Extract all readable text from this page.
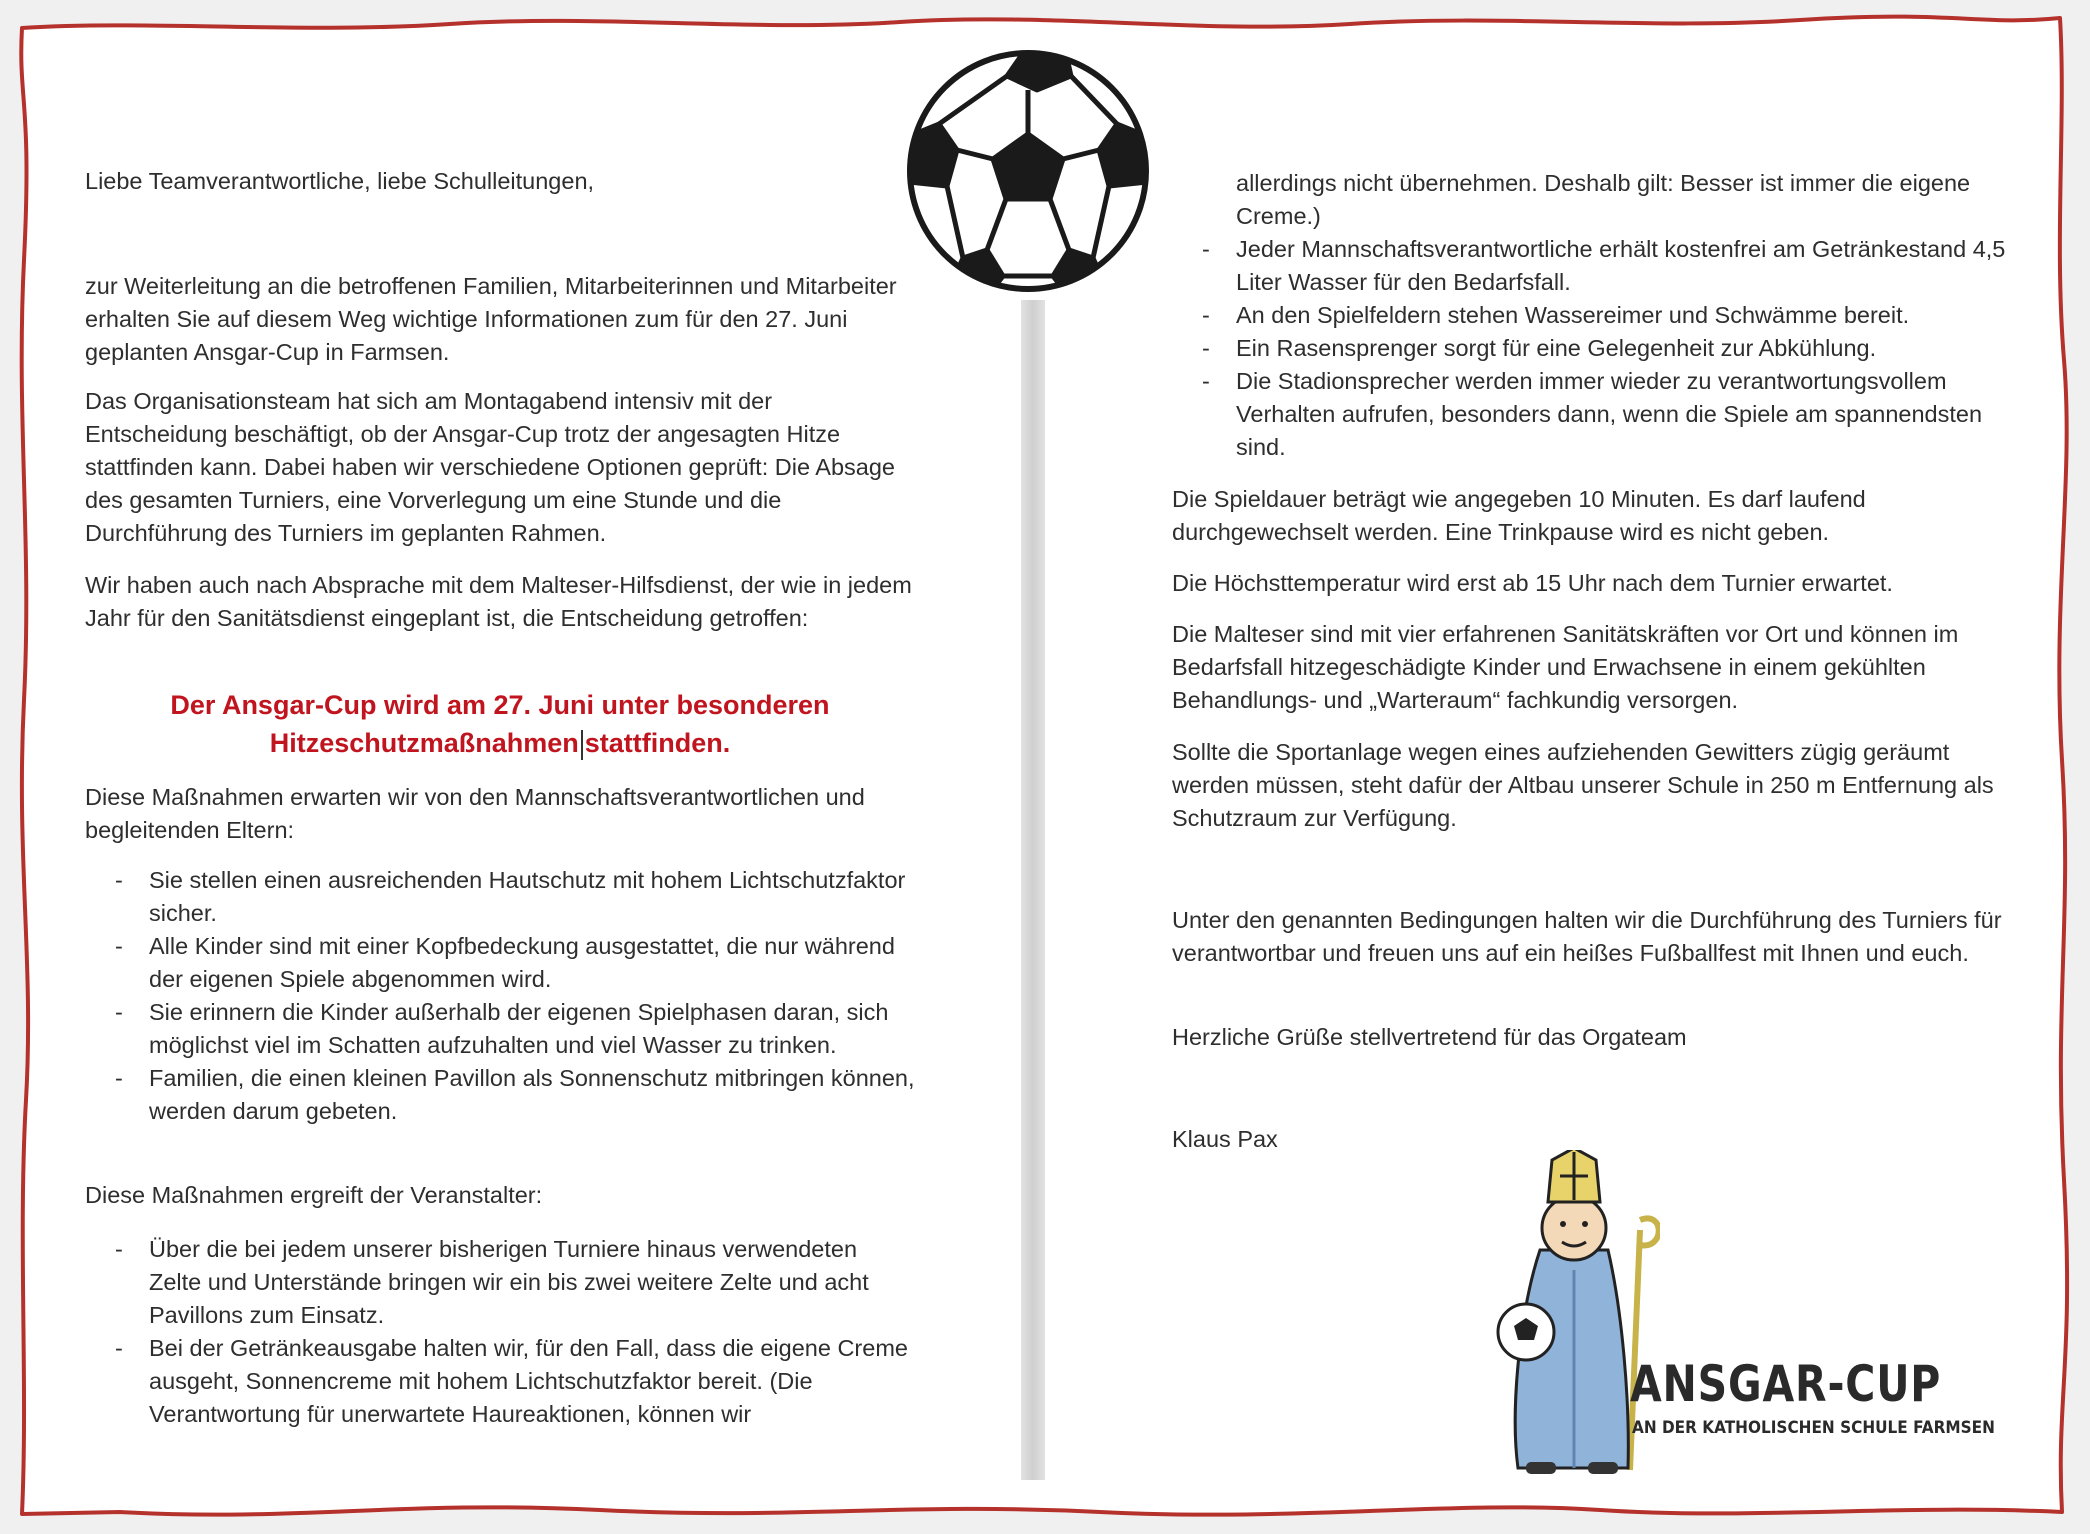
Liebe Teamverantwortliche, liebe Schulleitungen,

zur Weiterleitung an die betroffenen Familien, Mitarbeiterinnen und Mitarbeiter erhalten Sie auf diesem Weg wichtige Informationen zum für den 27. Juni geplanten Ansgar-Cup in Farmsen.

Das Organisationsteam hat sich am Montagabend intensiv mit der Entscheidung beschäftigt, ob der Ansgar-Cup trotz der angesagten Hitze stattfinden kann. Dabei haben wir verschiedene Optionen geprüft: Die Absage des gesamten Turniers, eine Vorverlegung um eine Stunde und die Durchführung des Turniers im geplanten Rahmen.

Wir haben auch nach Absprache mit dem Malteser-Hilfsdienst, der wie in jedem Jahr für den Sanitätsdienst eingeplant ist, die Entscheidung getroffen:

Der Ansgar-Cup wird am 27. Juni unter besonderen
Hitzeschutzmaßnahmen stattfinden.

Diese Maßnahmen erwarten wir von den Mannschaftsverantwortlichen und begleitenden Eltern:

- Sie stellen einen ausreichenden Hautschutz mit hohem Lichtschutzfaktor sicher.
- Alle Kinder sind mit einer Kopfbedeckung ausgestattet, die nur während der eigenen Spiele abgenommen wird.
- Sie erinnern die Kinder außerhalb der eigenen Spielphasen daran, sich möglichst viel im Schatten aufzuhalten und viel Wasser zu trinken.
- Familien, die einen kleinen Pavillon als Sonnenschutz mitbringen können, werden darum gebeten.

Diese Maßnahmen ergreift der Veranstalter:

- Über die bei jedem unserer bisherigen Turniere hinaus verwendeten Zelte und Unterstände bringen wir ein bis zwei weitere Zelte und acht Pavillons zum Einsatz.
- Bei der Getränkeausgabe halten wir, für den Fall, dass die eigene Creme ausgeht, Sonnencreme mit hohem Lichtschutzfaktor bereit. (Die Verantwortung für unerwartete Haureaktionen, können wir
allerdings nicht übernehmen. Deshalb gilt: Besser ist immer die eigene Creme.)
- Jeder Mannschaftsverantwortliche erhält kostenfrei am Getränkestand 4,5 Liter Wasser für den Bedarfsfall.
- An den Spielfeldern stehen Wassereimer und Schwämme bereit.
- Ein Rasensprenger sorgt für eine Gelegenheit zur Abkühlung.
- Die Stadionsprecher werden immer wieder zu verantwortungsvollem Verhalten aufrufen, besonders dann, wenn die Spiele am spannendsten sind.

Die Spieldauer beträgt wie angegeben 10 Minuten. Es darf laufend durchgewechselt werden. Eine Trinkpause wird es nicht geben.

Die Höchsttemperatur wird erst ab 15 Uhr nach dem Turnier erwartet.

Die Malteser sind mit vier erfahrenen Sanitätskräften vor Ort und können im Bedarfsfall hitzegeschädigte Kinder und Erwachsene in einem gekühlten Behandlungs- und „Warteraum“ fachkundig versorgen.

Sollte die Sportanlage wegen eines aufziehenden Gewitters zügig geräumt werden müssen, steht dafür der Altbau unserer Schule in 250 m Entfernung als Schutzraum zur Verfügung.

Unter den genannten Bedingungen halten wir die Durchführung des Turniers für verantwortbar und freuen uns auf ein heißes Fußballfest mit Ihnen und euch.

Herzliche Grüße stellvertretend für das Orgateam

Klaus Pax

ANSGAR-CUP
AN DER KATHOLISCHEN SCHULE FARMSEN
